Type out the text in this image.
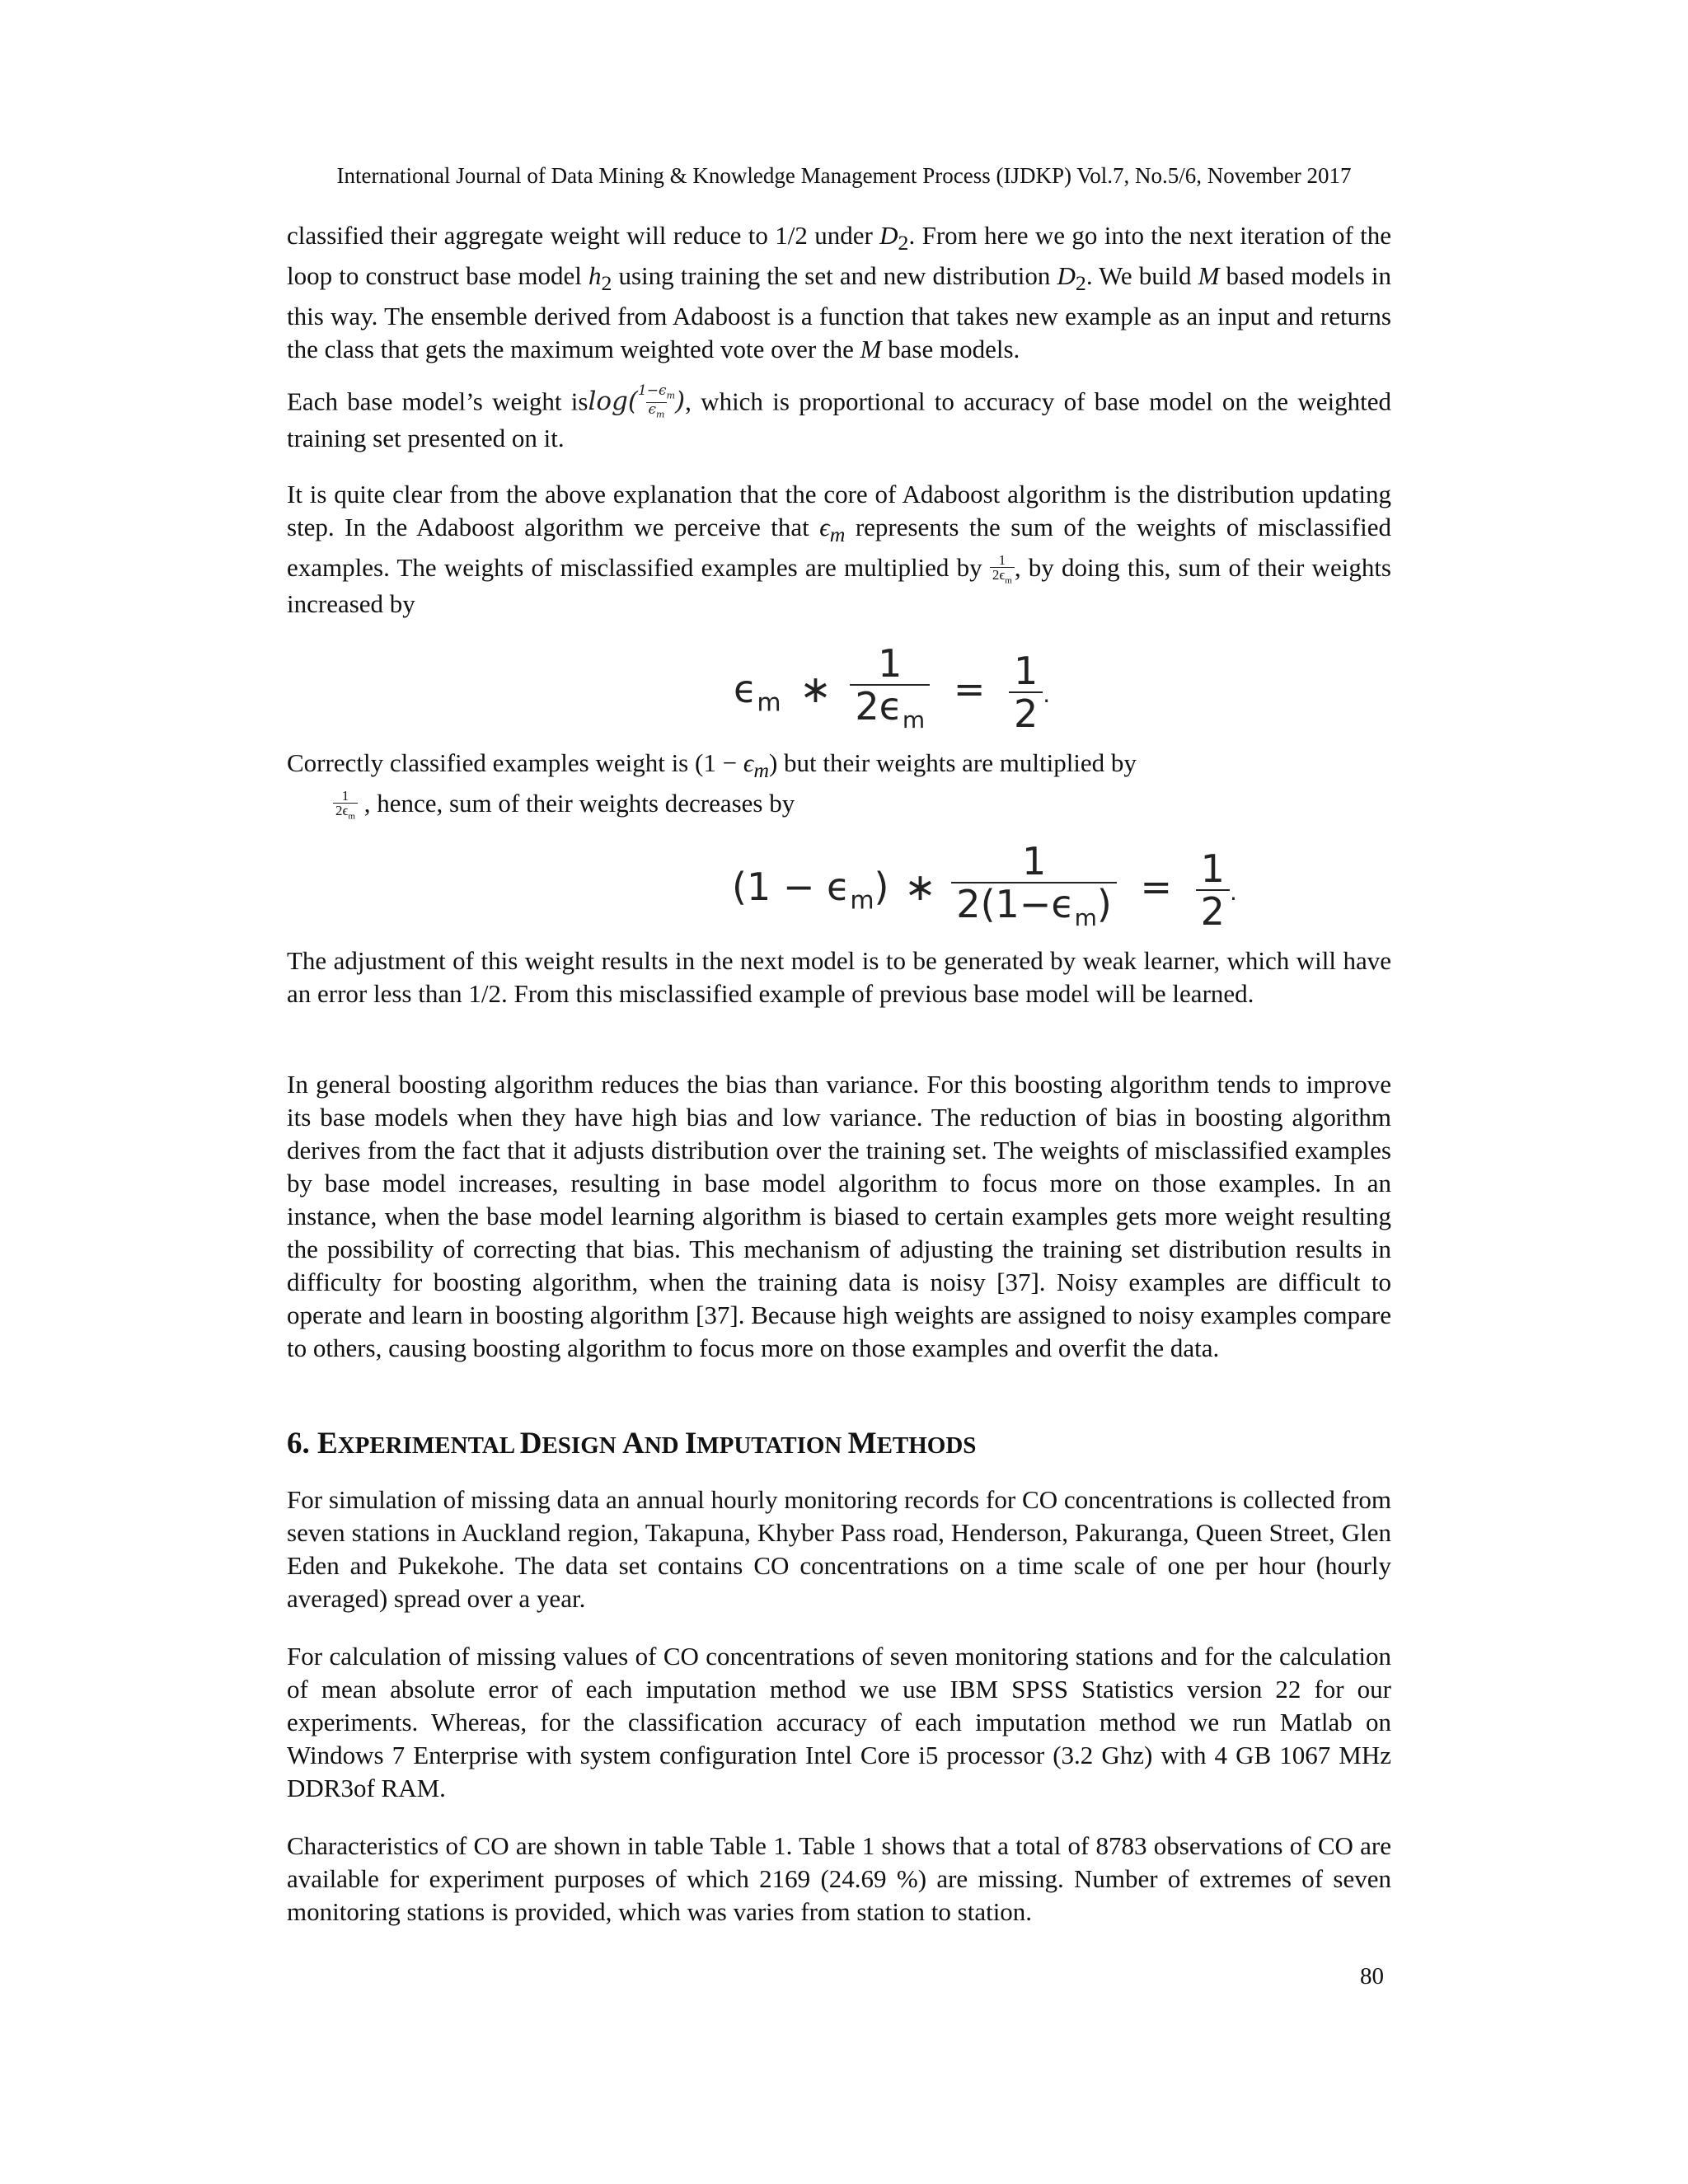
International Journal of Data Mining & Knowledge Management Process (IJDKP) Vol.7, No.5/6, November 2017

classified their aggregate weight will reduce to 1/2 under $D_2$. From here we go into the next iteration of the loop to construct base model $h_2$ using training the set and new distribution $D_2$. We build M based models in this way. The ensemble derived from Adaboost is a function that takes new example as an input and returns the class that gets the maximum weighted vote over the M base models.

Each base model’s weight $islog( \frac{1-\epsilon_m}{\epsilon_m}$ ), which is proportional to accuracy of base model on the weighted training set presented on it.

It is quite clear from the above explanation that the core of Adaboost algorithm is the distribution updating step. In the Adaboost algorithm we perceive that $\epsilon_m$ represents the sum of the weights of misclassified examples. The weights of misclassified examples are multiplied by $\frac{1}{2\epsilon_m}$ , by doing this, sum of their weights increased by

$\epsilon_m$ ∗ $\frac{1}{2\epsilon_m} = \frac{1}{2}$ .
Correctly classified examples weight is $(1 - \epsilon_m)$ but their weights are multiplied by
$\frac{1}{2\epsilon_m}$ , hence, sum of their weights decreases by
$(1 - \epsilon_m)$ ∗ $\frac{1}{2(1-\epsilon_m)} = \frac{1}{2}$ .

The adjustment of this weight results in the next model is to be generated by weak learner, which will have an error less than 1/2. From this misclassified example of previous base model will be learned.

In general boosting algorithm reduces the bias than variance. For this boosting algorithm tends to improve its base models when they have high bias and low variance. The reduction of bias in boosting algorithm derives from the fact that it adjusts distribution over the training set. The weights of misclassified examples by base model increases, resulting in base model algorithm to focus more on those examples. In an instance, when the base model learning algorithm is biased to certain examples gets more weight resulting the possibility of correcting that bias. This mechanism of adjusting the training set distribution results in difficulty for boosting algorithm, when the training data is noisy [37]. Noisy examples are difficult to operate and learn in boosting algorithm [37]. Because high weights are assigned to noisy examples compare to others, causing boosting algorithm to focus more on those examples and overfit the data.

6. EXPERIMENTAL DESIGN AND IMPUTATION METHODS

For simulation of missing data an annual hourly monitoring records for CO concentrations is collected from seven stations in Auckland region, Takapuna, Khyber Pass road, Henderson, Pakuranga, Queen Street, Glen Eden and Pukekohe. The data set contains CO concentrations on a time scale of one per hour (hourly averaged) spread over a year.

For calculation of missing values of CO concentrations of seven monitoring stations and for the calculation of mean absolute error of each imputation method we use IBM SPSS Statistics version 22 for our experiments. Whereas, for the classification accuracy of each imputation method we run Matlab on Windows 7 Enterprise with system configuration Intel Core i5 processor (3.2 Ghz) with 4 GB 1067 MHz DDR3of RAM.

Characteristics of CO are shown in table Table 1. Table 1 shows that a total of 8783 observations of CO are available for experiment purposes of which 2169 (24.69 %) are missing. Number of extremes of seven monitoring stations is provided, which was varies from station to station.

80
